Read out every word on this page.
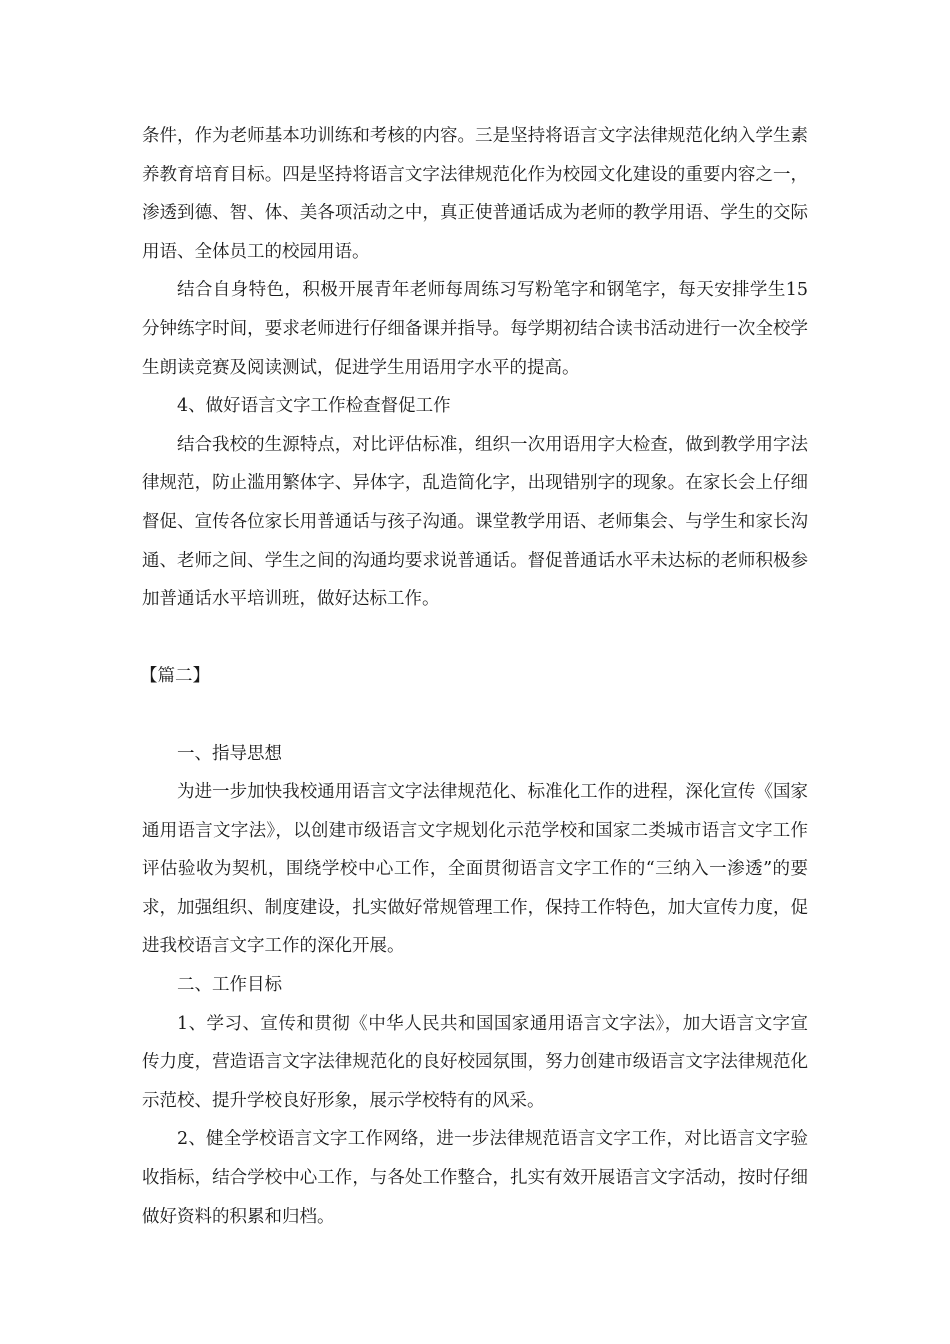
条件，作为老师基本功训练和考核的内容。三是坚持将语言文字法律规范化纳入学生素养教育培育目标。四是坚持将语言文字法律规范化作为校园文化建设的重要内容之一，渗透到德、智、体、美各项活动之中，真正使普通话成为老师的教学用语、学生的交际用语、全体员工的校园用语。

结合自身特色，积极开展青年老师每周练习写粉笔字和钢笔字，每天安排学生15分钟练字时间，要求老师进行仔细备课并指导。每学期初结合读书活动进行一次全校学生朗读竞赛及阅读测试，促进学生用语用字水平的提高。

4、做好语言文字工作检查督促工作

结合我校的生源特点，对比评估标准，组织一次用语用字大检查，做到教学用字法律规范，防止滥用繁体字、异体字，乱造简化字，出现错别字的现象。在家长会上仔细督促、宣传各位家长用普通话与孩子沟通。课堂教学用语、老师集会、与学生和家长沟通、老师之间、学生之间的沟通均要求说普通话。督促普通话水平未达标的老师积极参加普通话水平培训班，做好达标工作。

【篇二】

一、指导思想

为进一步加快我校通用语言文字法律规范化、标准化工作的进程，深化宣传《国家通用语言文字法》，以创建市级语言文字规划化示范学校和国家二类城市语言文字工作评估验收为契机，围绕学校中心工作，全面贯彻语言文字工作的“三纳入一渗透”的要求，加强组织、制度建设，扎实做好常规管理工作，保持工作特色，加大宣传力度，促进我校语言文字工作的深化开展。

二、工作目标

1、学习、宣传和贯彻《中华人民共和国国家通用语言文字法》，加大语言文字宣传力度，营造语言文字法律规范化的良好校园氛围，努力创建市级语言文字法律规范化示范校、提升学校良好形象，展示学校特有的风采。

2、健全学校语言文字工作网络，进一步法律规范语言文字工作，对比语言文字验收指标，结合学校中心工作，与各处工作整合，扎实有效开展语言文字活动，按时仔细做好资料的积累和归档。
